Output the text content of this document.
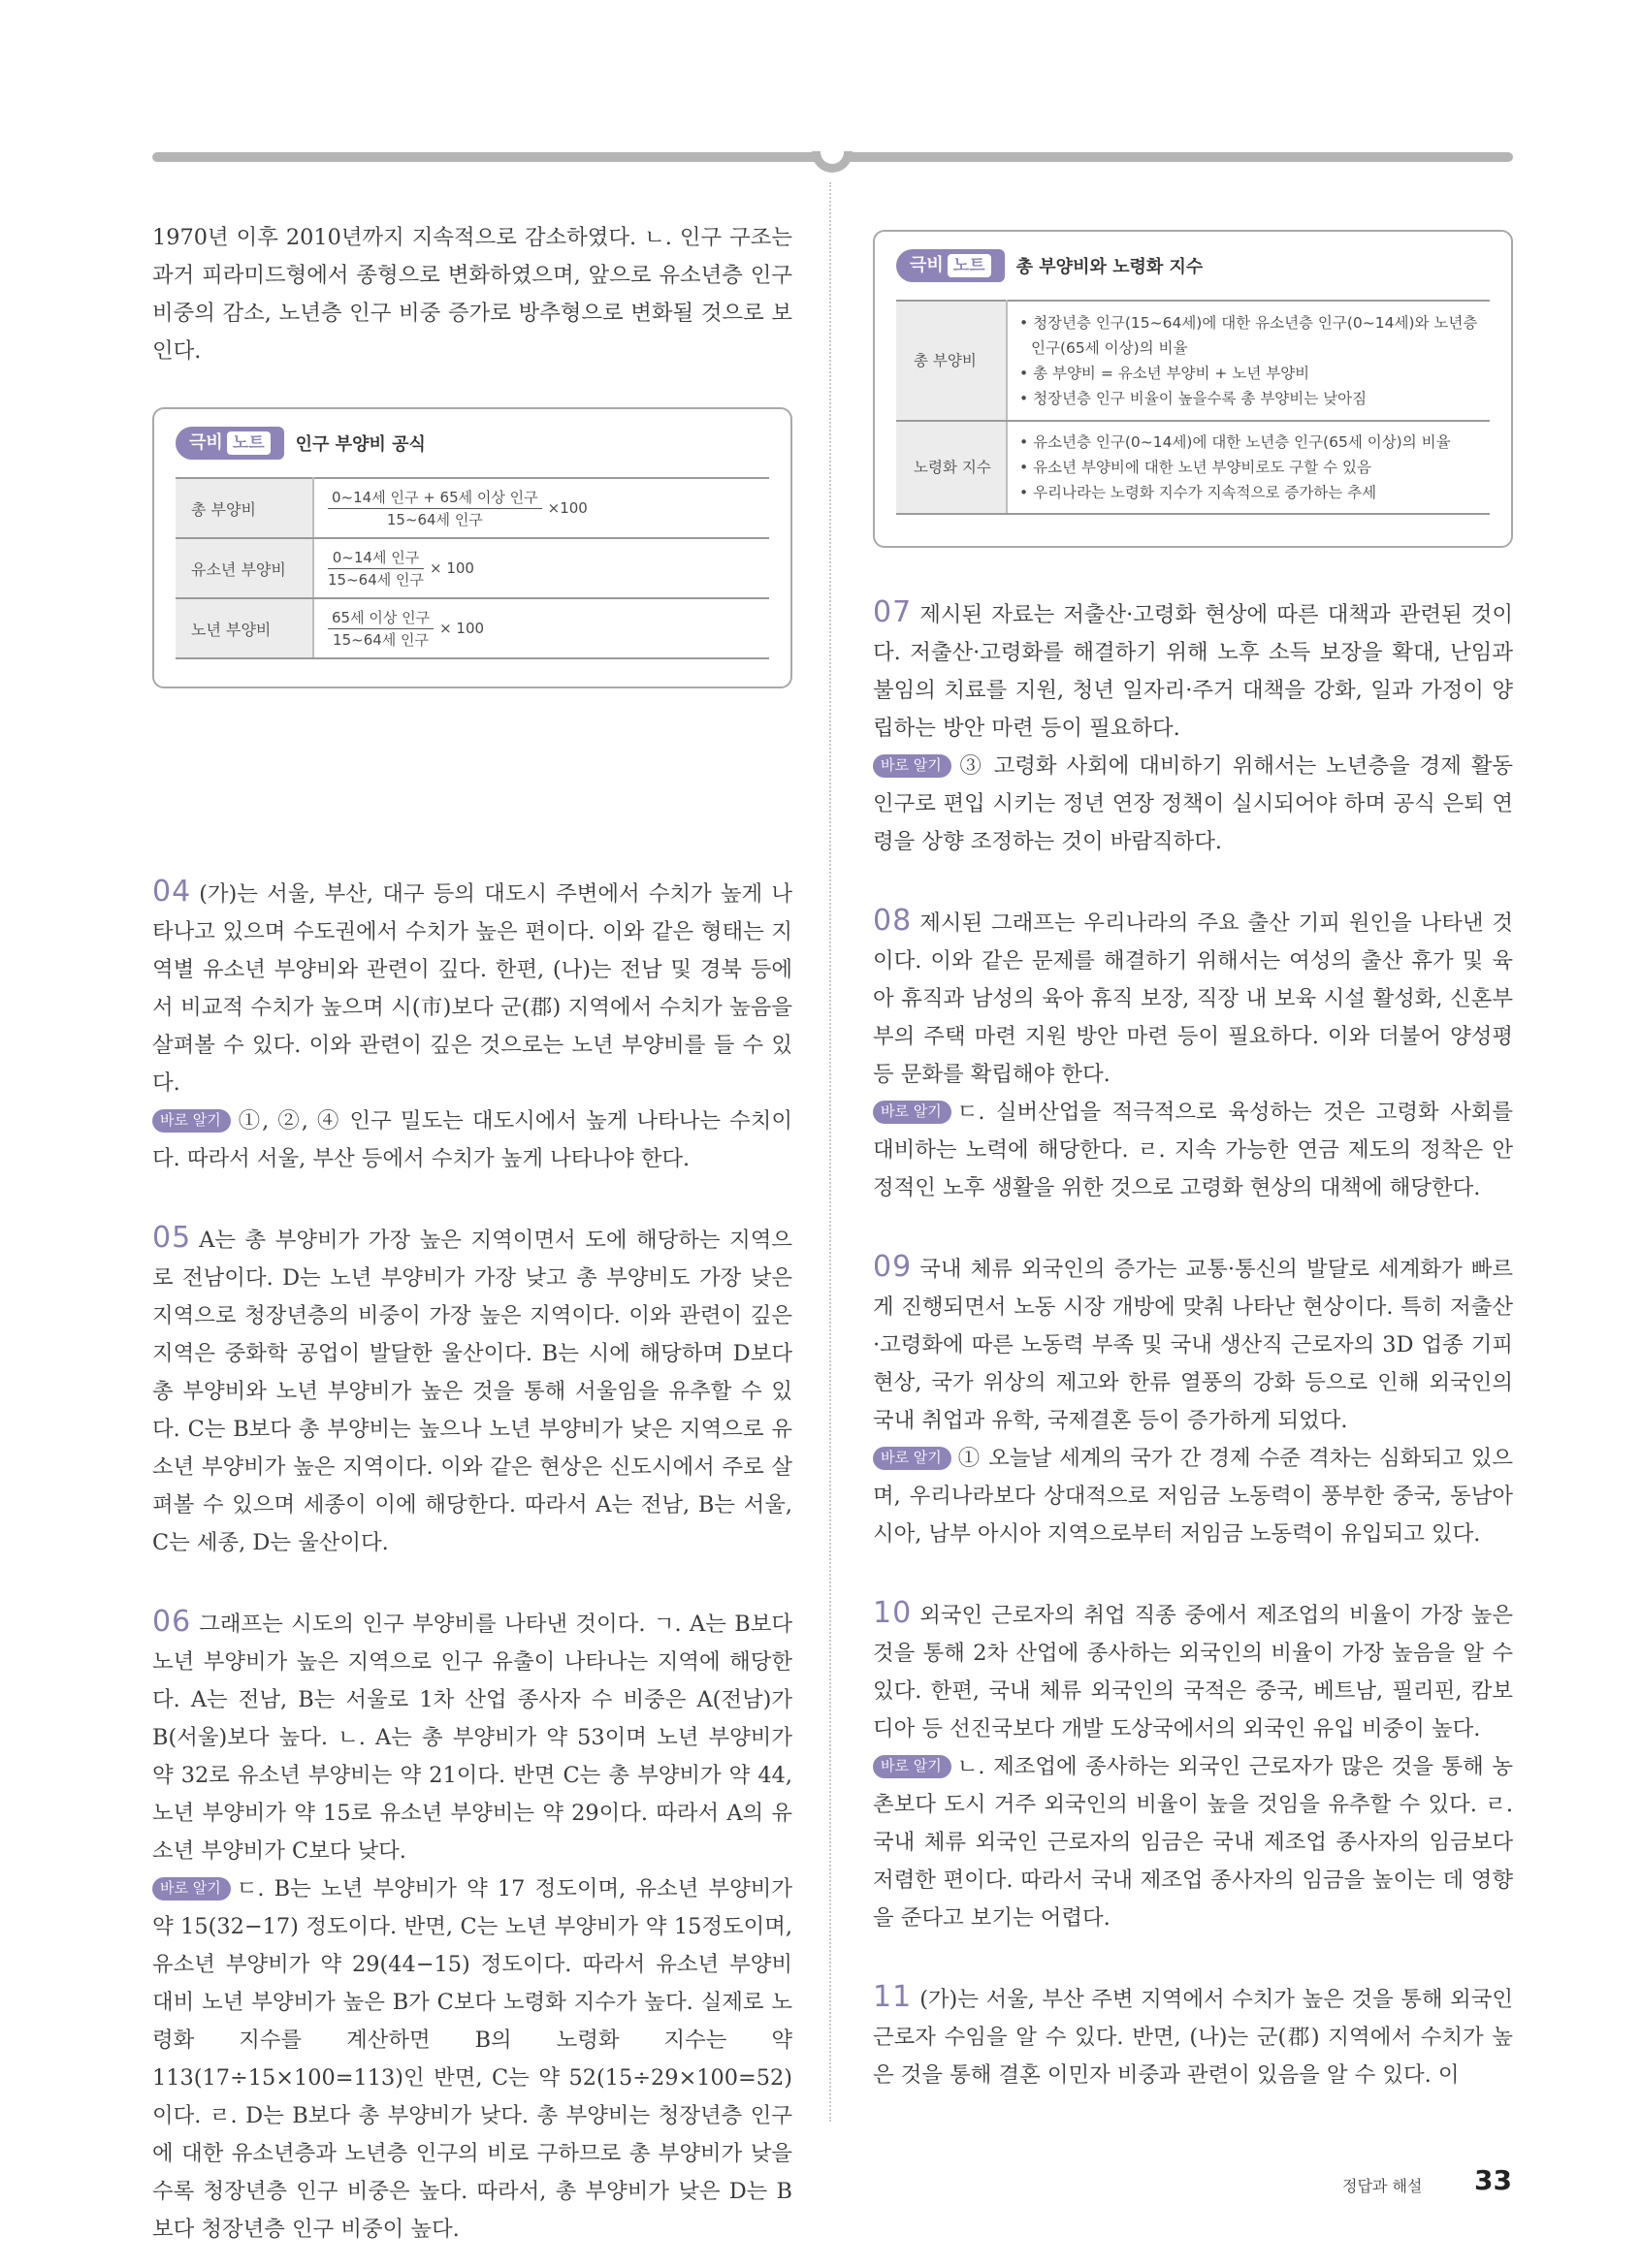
1970년 이후 2010년까지 지속적으로 감소하였다. ㄴ. 인구 구조는 과거 피라미드형에서 종형으로 변화하였으며, 앞으로 유소년층 인구 비중의 감소, 노년층 인구 비중 증가로 방추형으로 변화될 것으로 보인다.

04 (가)는 서울, 부산, 대구 등의 대도시 주변에서 수치가 높게 나타나고 있으며 수도권에서 수치가 높은 편이다. 이와 같은 형태는 지역별 유소년 부양비와 관련이 깊다. 한편, (나)는 전남 및 경북 등에서 비교적 수치가 높으며 시(市)보다 군(郡) 지역에서 수치가 높음을 살펴볼 수 있다. 이와 관련이 깊은 것으로는 노년 부양비를 들 수 있다.

바로 알기 ①, ②, ④ 인구 밀도는 대도시에서 높게 나타나는 수치이다. 따라서 서울, 부산 등에서 수치가 높게 나타나야 한다.

05 A는 총 부양비가 가장 높은 지역이면서 도에 해당하는 지역으로 전남이다. D는 노년 부양비가 가장 낮고 총 부양비도 가장 낮은 지역으로 청장년층의 비중이 가장 높은 지역이다. 이와 관련이 깊은 지역은 중화학 공업이 발달한 울산이다. B는 시에 해당하며 D보다 총 부양비와 노년 부양비가 높은 것을 통해 서울임을 유추할 수 있다. C는 B보다 총 부양비는 높으나 노년 부양비가 낮은 지역으로 유소년 부양비가 높은 지역이다. 이와 같은 현상은 신도시에서 주로 살펴볼 수 있으며 세종이 이에 해당한다. 따라서 A는 전남, B는 서울, C는 세종, D는 울산이다.

06 그래프는 시도의 인구 부양비를 나타낸 것이다. ㄱ. A는 B보다 노년 부양비가 높은 지역으로 인구 유출이 나타나는 지역에 해당한다. A는 전남, B는 서울로 1차 산업 종사자 수 비중은 A(전남)가 B(서울)보다 높다. ㄴ. A는 총 부양비가 약 53이며 노년 부양비가 약 32로 유소년 부양비는 약 21이다. 반면 C는 총 부양비가 약 44, 노년 부양비가 약 15로 유소년 부양비는 약 29이다. 따라서 A의 유소년 부양비가 C보다 낮다.

바로 알기 ㄷ. B는 노년 부양비가 약 17 정도이며, 유소년 부양비가 약 15(32−17) 정도이다. 반면, C는 노년 부양비가 약 15정도이며, 유소년 부양비가 약 29(44−15) 정도이다. 따라서 유소년 부양비 대비 노년 부양비가 높은 B가 C보다 노령화 지수가 높다. 실제로 노령화 지수를 계산하면 B의 노령화 지수는 약 113(17÷15×100=113)인 반면, C는 약 52(15÷29×100=52)이다. ㄹ. D는 B보다 총 부양비가 낮다. 총 부양비는 청장년층 인구에 대한 유소년층과 노년층 인구의 비로 구하므로 총 부양비가 낮을수록 청장년층 인구 비중은 높다. 따라서, 총 부양비가 낮은 D는 B보다 청장년층 인구 비중이 높다.

극비 노트	인구 부양비 공식
총 부양비	$\frac{\text{0\textasciitilde{}14세 인구 + 65세 이상 인구}}{\text{15\textasciitilde{}64세 인구}} \times 100$
유소년 부양비	$\frac{\text{0\textasciitilde{}14세 인구}}{\text{15\textasciitilde{}64세 인구}} \times 100$
노년 부양비	$\frac{\text{65세 이상 인구}}{\text{15\textasciitilde{}64세 인구}} \times 100$
극비 노트	총 부양비와 노령화 지수
총 부양비	• 청장년층 인구(15~64세)에 대한 유소년층 인구(0~14세)와 노년층 인구(65세 이상)의 비율
• 총 부양비 = 유소년 부양비 + 노년 부양비
• 청장년층 인구 비율이 높을수록 총 부양비는 낮아짐

노령화 지수	• 유소년층 인구(0~14세)에 대한 노년층 인구(65세 이상)의 비율
• 유소년 부양비에 대한 노년 부양비로도 구할 수 있음
• 우리나라는 노령화 지수가 지속적으로 증가하는 추세

07 제시된 자료는 저출산·고령화 현상에 따른 대책과 관련된 것이다. 저출산·고령화를 해결하기 위해 노후 소득 보장을 확대, 난임과 불임의 치료를 지원, 청년 일자리·주거 대책을 강화, 일과 가정이 양립하는 방안 마련 등이 필요하다.

바로 알기 ③ 고령화 사회에 대비하기 위해서는 노년층을 경제 활동 인구로 편입 시키는 정년 연장 정책이 실시되어야 하며 공식 은퇴 연령을 상향 조정하는 것이 바람직하다.

08 제시된 그래프는 우리나라의 주요 출산 기피 원인을 나타낸 것이다. 이와 같은 문제를 해결하기 위해서는 여성의 출산 휴가 및 육아 휴직과 남성의 육아 휴직 보장, 직장 내 보육 시설 활성화, 신혼부부의 주택 마련 지원 방안 마련 등이 필요하다. 이와 더불어 양성평등 문화를 확립해야 한다.

바로 알기 ㄷ. 실버산업을 적극적으로 육성하는 것은 고령화 사회를 대비하는 노력에 해당한다. ㄹ. 지속 가능한 연금 제도의 정착은 안정적인 노후 생활을 위한 것으로 고령화 현상의 대책에 해당한다.

09 국내 체류 외국인의 증가는 교통·통신의 발달로 세계화가 빠르게 진행되면서 노동 시장 개방에 맞춰 나타난 현상이다. 특히 저출산·고령화에 따른 노동력 부족 및 국내 생산직 근로자의 3D 업종 기피 현상, 국가 위상의 제고와 한류 열풍의 강화 등으로 인해 외국인의 국내 취업과 유학, 국제결혼 등이 증가하게 되었다.

바로 알기 ① 오늘날 세계의 국가 간 경제 수준 격차는 심화되고 있으며, 우리나라보다 상대적으로 저임금 노동력이 풍부한 중국, 동남아시아, 남부 아시아 지역으로부터 저임금 노동력이 유입되고 있다.

10 외국인 근로자의 취업 직종 중에서 제조업의 비율이 가장 높은 것을 통해 2차 산업에 종사하는 외국인의 비율이 가장 높음을 알 수 있다. 한편, 국내 체류 외국인의 국적은 중국, 베트남, 필리핀, 캄보디아 등 선진국보다 개발 도상국에서의 외국인 유입 비중이 높다.

바로 알기 ㄴ. 제조업에 종사하는 외국인 근로자가 많은 것을 통해 농촌보다 도시 거주 외국인의 비율이 높을 것임을 유추할 수 있다. ㄹ. 국내 체류 외국인 근로자의 임금은 국내 제조업 종사자의 임금보다 저렴한 편이다. 따라서 국내 제조업 종사자의 임금을 높이는 데 영향을 준다고 보기는 어렵다.

11 (가)는 서울, 부산 주변 지역에서 수치가 높은 것을 통해 외국인 근로자 수임을 알 수 있다. 반면, (나)는 군(郡) 지역에서 수치가 높은 것을 통해 결혼 이민자 비중과 관련이 있음을 알 수 있다. 이

정답과 해설 33
